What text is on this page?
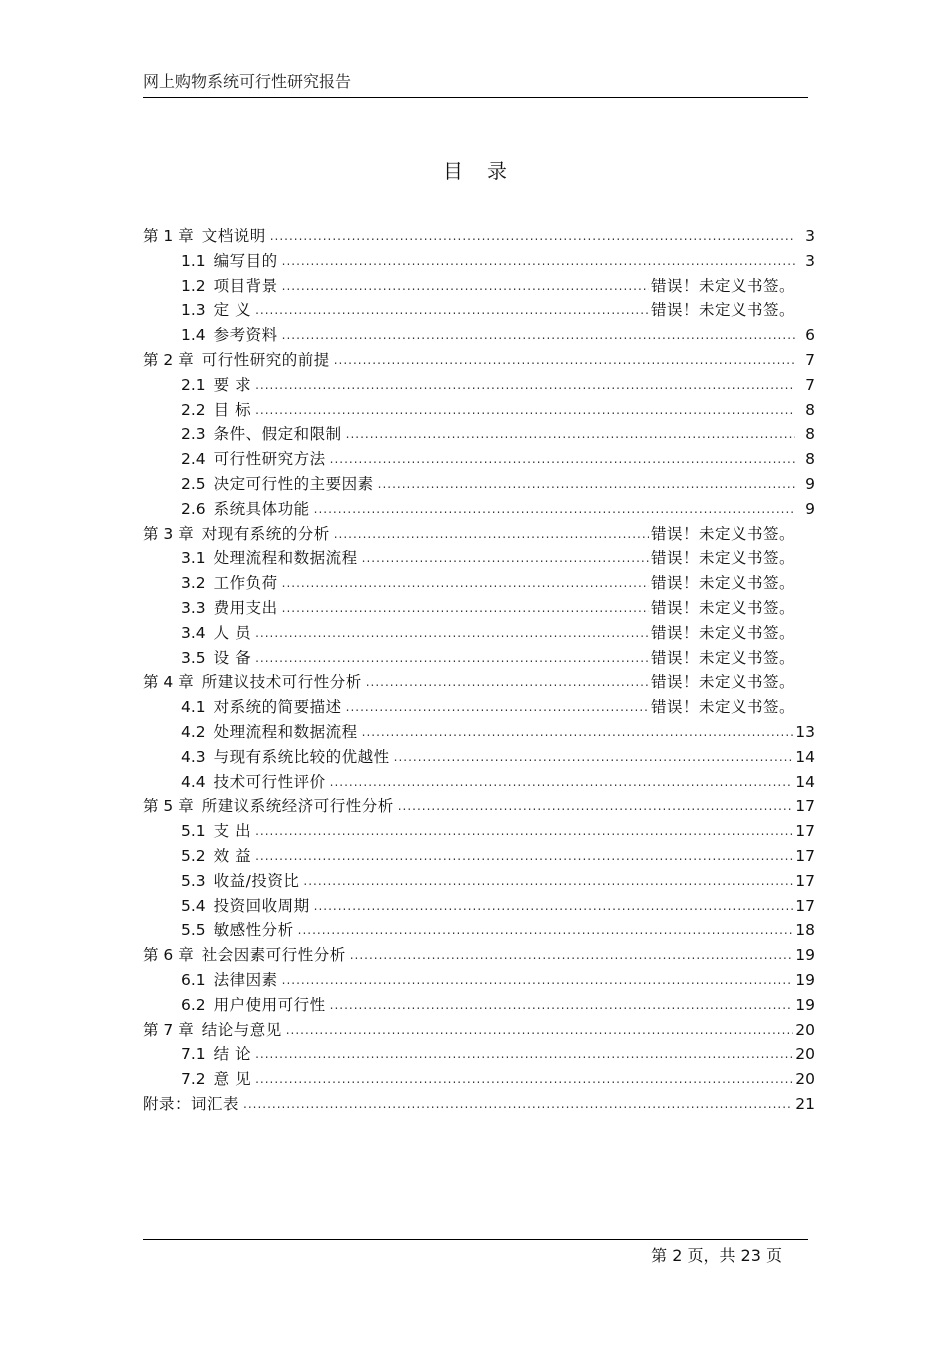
网上购物系统可行性研究报告
目录
第 1 章 文档说明 .....	3
1.1 编写目的 .....	3
1.2 项目背景 .....	错误！未定义书签。
1.3 定 义 .....	错误！未定义书签。
1.4 参考资料 .....	6
第 2 章 可行性研究的前提 .....	7
2.1 要 求 .....	7
2.2 目 标 .....	8
2.3 条件、假定和限制 .....	8
2.4 可行性研究方法 .....	8
2.5 决定可行性的主要因素 .....	9
2.6 系统具体功能 .....	9
第 3 章 对现有系统的分析 .....	错误！未定义书签。
3.1 处理流程和数据流程 .....	错误！未定义书签。
3.2 工作负荷 .....	错误！未定义书签。
3.3 费用支出 .....	错误！未定义书签。
3.4 人 员 .....	错误！未定义书签。
3.5 设 备 .....	错误！未定义书签。
第 4 章 所建议技术可行性分析 .....	错误！未定义书签。
4.1 对系统的简要描述 .....	错误！未定义书签。
4.2 处理流程和数据流程 .....	13
4.3 与现有系统比较的优越性 .....	14
4.4 技术可行性评价 .....	14
第 5 章 所建议系统经济可行性分析 .....	17
5.1 支 出 .....	17
5.2 效 益 .....	17
5.3 收益/投资比 .....	17
5.4 投资回收周期 .....	17
5.5 敏感性分析 .....	18
第 6 章 社会因素可行性分析 .....	19
6.1 法律因素 .....	19
6.2 用户使用可行性 .....	19
第 7 章 结论与意见 .....	20
7.1 结 论 .....	20
7.2 意 见 .....	20
附录：词汇表 .....	21
第 2 页，共 23 页
